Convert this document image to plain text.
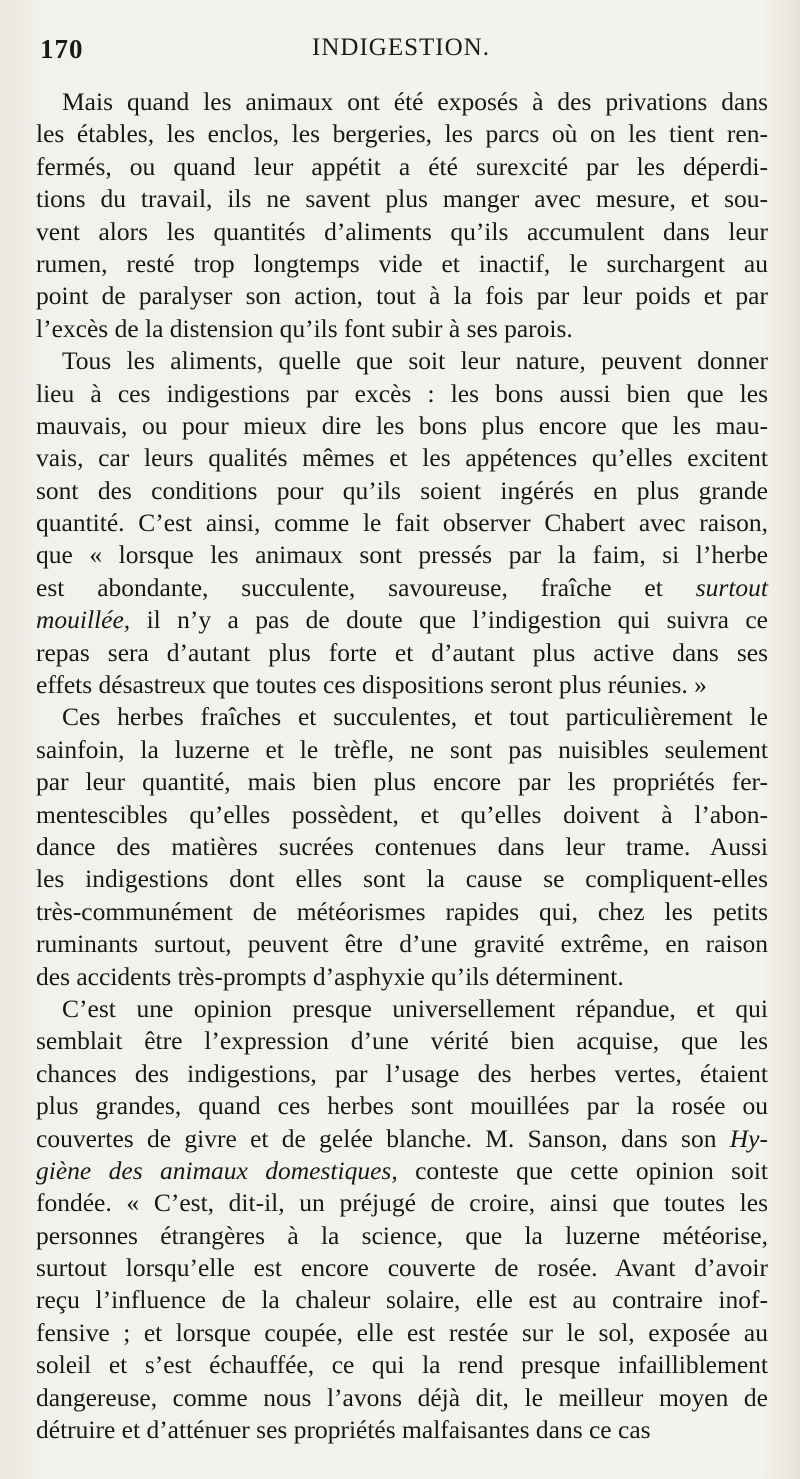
170	INDIGESTION.
Mais quand les animaux ont été exposés à des privations dans
les étables, les enclos, les bergeries, les parcs où on les tient ren-
fermés, ou quand leur appétit a été surexcité par les déperdi-
tions du travail, ils ne savent plus manger avec mesure, et sou-
vent alors les quantités d’aliments qu’ils accumulent dans leur
rumen, resté trop longtemps vide et inactif, le surchargent au
point de paralyser son action, tout à la fois par leur poids et par
l’excès de la distension qu’ils font subir à ses parois.
Tous les aliments, quelle que soit leur nature, peuvent donner
lieu à ces indigestions par excès : les bons aussi bien que les
mauvais, ou pour mieux dire les bons plus encore que les mau-
vais, car leurs qualités mêmes et les appétences qu’elles excitent
sont des conditions pour qu’ils soient ingérés en plus grande
quantité. C’est ainsi, comme le fait observer Chabert avec raison,
que « lorsque les animaux sont pressés par la faim, si l’herbe
est abondante, succulente, savoureuse, fraîche et surtout
mouillée, il n’y a pas de doute que l’indigestion qui suivra ce
repas sera d’autant plus forte et d’autant plus active dans ses
effets désastreux que toutes ces dispositions seront plus réunies. »
Ces herbes fraîches et succulentes, et tout particulièrement le
sainfoin, la luzerne et le trèfle, ne sont pas nuisibles seulement
par leur quantité, mais bien plus encore par les propriétés fer-
mentescibles qu’elles possèdent, et qu’elles doivent à l’abon-
dance des matières sucrées contenues dans leur trame. Aussi
les indigestions dont elles sont la cause se compliquent-elles
très-communément de météorismes rapides qui, chez les petits
ruminants surtout, peuvent être d’une gravité extrême, en raison
des accidents très-prompts d’asphyxie qu’ils déterminent.
C’est une opinion presque universellement répandue, et qui
semblait être l’expression d’une vérité bien acquise, que les
chances des indigestions, par l’usage des herbes vertes, étaient
plus grandes, quand ces herbes sont mouillées par la rosée ou
couvertes de givre et de gelée blanche. M. Sanson, dans son Hy-
giène des animaux domestiques, conteste que cette opinion soit
fondée. « C’est, dit-il, un préjugé de croire, ainsi que toutes les
personnes étrangères à la science, que la luzerne météorise,
surtout lorsqu’elle est encore couverte de rosée. Avant d’avoir
reçu l’influence de la chaleur solaire, elle est au contraire inof-
fensive ; et lorsque coupée, elle est restée sur le sol, exposée au
soleil et s’est échauffée, ce qui la rend presque infailliblement
dangereuse, comme nous l’avons déjà dit, le meilleur moyen de
détruire et d’atténuer ses propriétés malfaisantes dans ce cas
